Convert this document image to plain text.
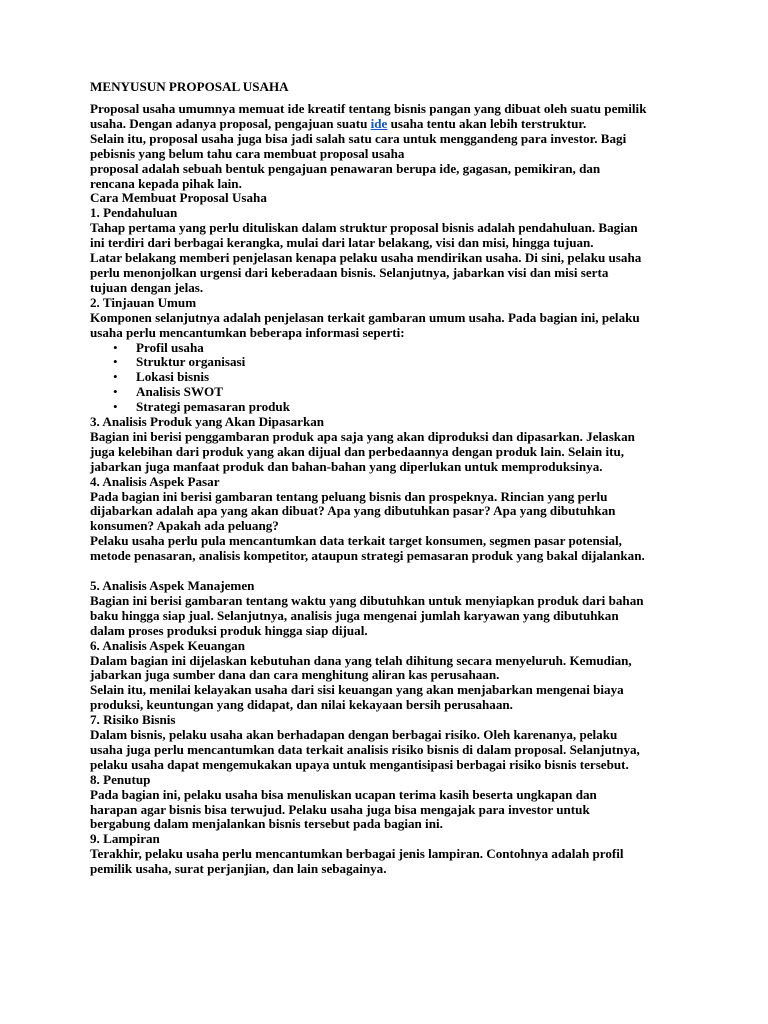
MENYUSUN PROPOSAL USAHA
Proposal usaha umumnya memuat ide kreatif tentang bisnis pangan yang dibuat oleh suatu pemilik
usaha. Dengan adanya proposal, pengajuan suatu ide usaha tentu akan lebih terstruktur.
Selain itu, proposal usaha juga bisa jadi salah satu cara untuk menggandeng para investor. Bagi
pebisnis yang belum tahu cara membuat proposal usaha
proposal adalah sebuah bentuk pengajuan penawaran berupa ide, gagasan, pemikiran, dan
rencana kepada pihak lain.
Cara Membuat Proposal Usaha
1. Pendahuluan
Tahap pertama yang perlu dituliskan dalam struktur proposal bisnis adalah pendahuluan. Bagian
ini terdiri dari berbagai kerangka, mulai dari latar belakang, visi dan misi, hingga tujuan.
Latar belakang memberi penjelasan kenapa pelaku usaha mendirikan usaha. Di sini, pelaku usaha
perlu menonjolkan urgensi dari keberadaan bisnis. Selanjutnya, jabarkan visi dan misi serta
tujuan dengan jelas.
2. Tinjauan Umum
Komponen selanjutnya adalah penjelasan terkait gambaran umum usaha. Pada bagian ini, pelaku
usaha perlu mencantumkan beberapa informasi seperti:
• Profil usaha
• Struktur organisasi
• Lokasi bisnis
• Analisis SWOT
• Strategi pemasaran produk
3. Analisis Produk yang Akan Dipasarkan
Bagian ini berisi penggambaran produk apa saja yang akan diproduksi dan dipasarkan. Jelaskan
juga kelebihan dari produk yang akan dijual dan perbedaannya dengan produk lain. Selain itu,
jabarkan juga manfaat produk dan bahan-bahan yang diperlukan untuk memproduksinya.
4. Analisis Aspek Pasar
Pada bagian ini berisi gambaran tentang peluang bisnis dan prospeknya. Rincian yang perlu
dijabarkan adalah apa yang akan dibuat? Apa yang dibutuhkan pasar? Apa yang dibutuhkan
konsumen? Apakah ada peluang?
Pelaku usaha perlu pula mencantumkan data terkait target konsumen, segmen pasar potensial,
metode penasaran, analisis kompetitor, ataupun strategi pemasaran produk yang bakal dijalankan.
5. Analisis Aspek Manajemen
Bagian ini berisi gambaran tentang waktu yang dibutuhkan untuk menyiapkan produk dari bahan
baku hingga siap jual. Selanjutnya, analisis juga mengenai jumlah karyawan yang dibutuhkan
dalam proses produksi produk hingga siap dijual.
6. Analisis Aspek Keuangan
Dalam bagian ini dijelaskan kebutuhan dana yang telah dihitung secara menyeluruh. Kemudian,
jabarkan juga sumber dana dan cara menghitung aliran kas perusahaan.
Selain itu, menilai kelayakan usaha dari sisi keuangan yang akan menjabarkan mengenai biaya
produksi, keuntungan yang didapat, dan nilai kekayaan bersih perusahaan.
7. Risiko Bisnis
Dalam bisnis, pelaku usaha akan berhadapan dengan berbagai risiko. Oleh karenanya, pelaku
usaha juga perlu mencantumkan data terkait analisis risiko bisnis di dalam proposal. Selanjutnya,
pelaku usaha dapat mengemukakan upaya untuk mengantisipasi berbagai risiko bisnis tersebut.
8. Penutup
Pada bagian ini, pelaku usaha bisa menuliskan ucapan terima kasih beserta ungkapan dan
harapan agar bisnis bisa terwujud. Pelaku usaha juga bisa mengajak para investor untuk
bergabung dalam menjalankan bisnis tersebut pada bagian ini.
9. Lampiran
Terakhir, pelaku usaha perlu mencantumkan berbagai jenis lampiran. Contohnya adalah profil
pemilik usaha, surat perjanjian, dan lain sebagainya.
